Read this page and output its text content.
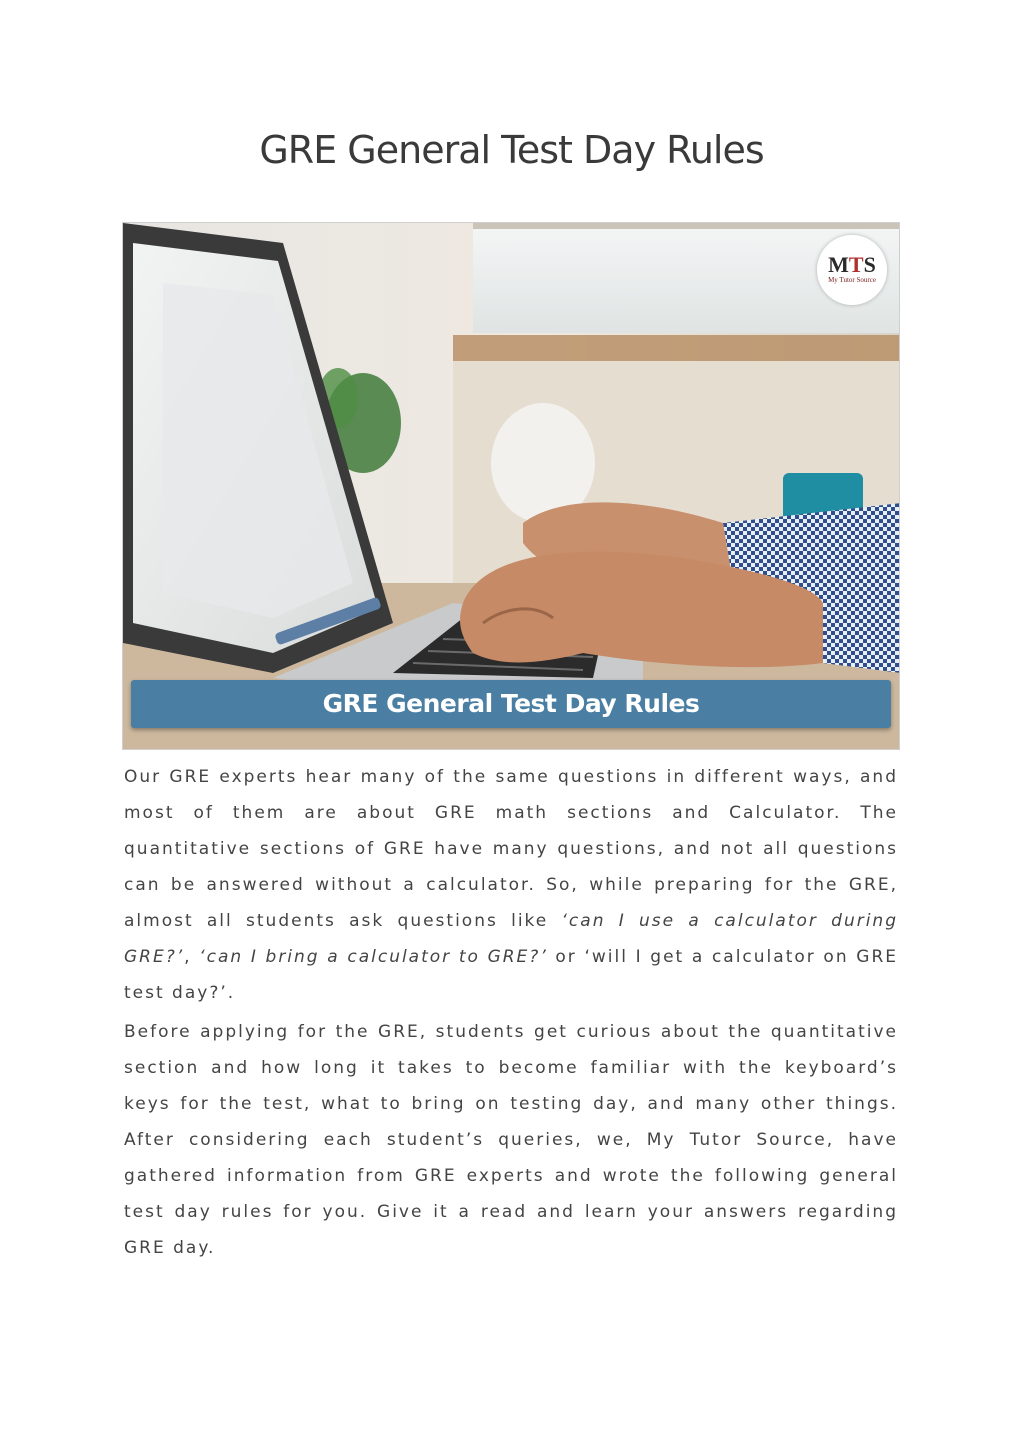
GRE General Test Day Rules
MTS
My Tutor Source
GRE General Test Day Rules

Our GRE experts hear many of the same questions in different ways, and most of them are about GRE math sections and Calculator. The quantitative sections of GRE have many questions, and not all questions can be answered without a calculator. So, while preparing for the GRE, almost all students ask questions like ‘can I use a calculator during GRE?’, ‘can I bring a calculator to GRE?’ or ‘will I get a calculator on GRE test day?’.

Before applying for the GRE, students get curious about the quantitative section and how long it takes to become familiar with the keyboard’s keys for the test, what to bring on testing day, and many other things. After considering each student’s queries, we, My Tutor Source, have gathered information from GRE experts and wrote the following general test day rules for you. Give it a read and learn your answers regarding GRE day.
